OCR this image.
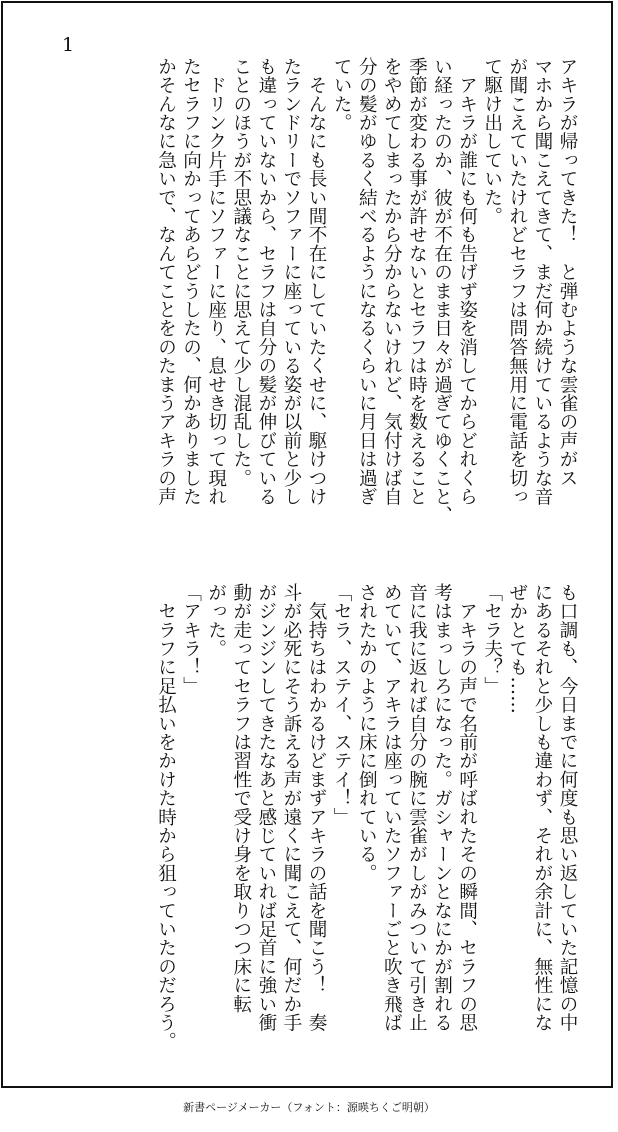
1
アキラが帰ってきた！　と弾むような雲雀の声がス
マホから聞こえてきて、まだ何か続けているような音
が聞こえていたけれどセラフは問答無用に電話を切っ
て駆け出していた。
　アキラが誰にも何も告げず姿を消してからどれくら
い経ったのか、彼が不在のまま日々が過ぎてゆくこと、
季節が変わる事が許せないとセラフは時を数えること
をやめてしまったから分からないけれど、気付けば自
分の髪がゆるく結べるようになるくらいに月日は過ぎ
ていた。
　そんなにも長い間不在にしていたくせに、駆けつけ
たランドリーでソファーに座っている姿が以前と少し
も違っていないから、セラフは自分の髪が伸びている
ことのほうが不思議なことに思えて少し混乱した。
　ドリンク片手にソファーに座り、息せき切って現れ
たセラフに向かってあらどうしたの、何かありました
かそんなに急いで、なんてことをのたまうアキラの声
も口調も、今日までに何度も思い返していた記憶の中
にあるそれと少しも違わず、それが余計に、無性にな
ぜかとても……
「セラ夫？」
　アキラの声で名前が呼ばれたその瞬間、セラフの思
考はまっしろになった。ガシャーンとなにかが割れる
音に我に返れば自分の腕に雲雀がしがみついて引き止
めていて、アキラは座っていたソファーごと吹き飛ば
されたかのように床に倒れている。
「セラ、ステイ、ステイ！」
　気持ちはわかるけどまずアキラの話を聞こう！　奏
斗が必死にそう訴える声が遠くに聞こえて、何だか手
がジンジンしてきたなあと感じていれば足首に強い衝
動が走ってセラフは習性で受け身を取りつつ床に転
がった。
「アキラ！」
　セラフに足払いをかけた時から狙っていたのだろう。
新書ページメーカー（フォント：源暎ちくご明朝）
